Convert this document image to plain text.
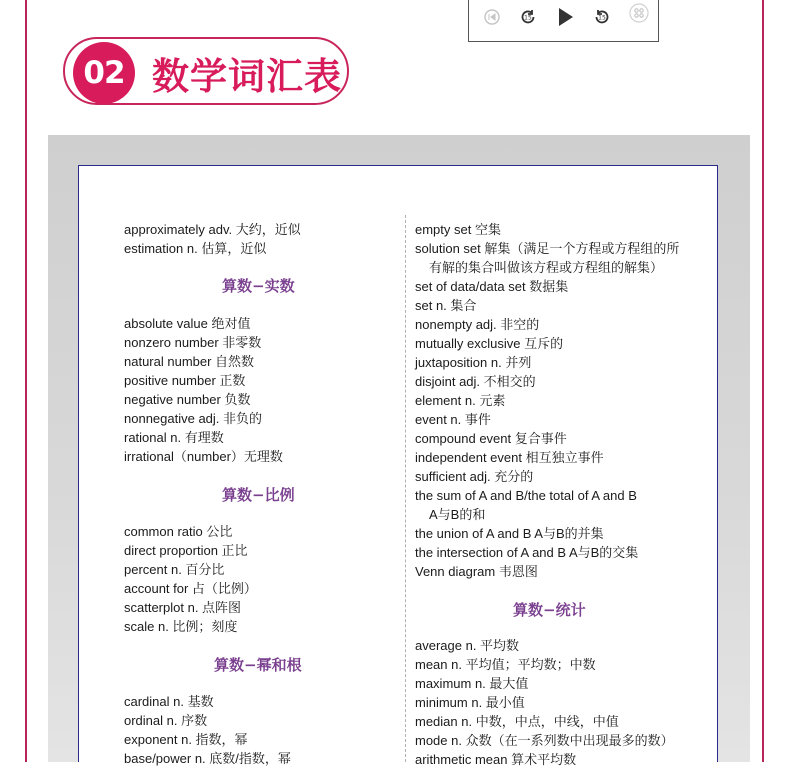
15	15
02 数学词汇表
approximately adv. 大约，近似
estimation n. 估算，近似
算数−实数
absolute value 绝对值
nonzero number 非零数
natural number 自然数
positive number 正数
negative number 负数
nonnegative adj. 非负的
rational n. 有理数
irrational（number）无理数
算数−比例
common ratio 公比
direct proportion 正比
percent n. 百分比
account for 占（比例）
scatterplot n. 点阵图
scale n. 比例；刻度
算数−幂和根
cardinal n. 基数
ordinal n. 序数
exponent n. 指数，幂
base/power n. 底数/指数，幂
empty set 空集
solution set 解集（满足一个方程或方程组的所
有解的集合叫做该方程或方程组的解集）
set of data/data set 数据集
set n. 集合
nonempty adj. 非空的
mutually exclusive 互斥的
juxtaposition n. 并列
disjoint adj. 不相交的
element n. 元素
event n. 事件
compound event 复合事件
independent event 相互独立事件
sufficient adj. 充分的
the sum of A and B/the total of A and B
A与B的和
the union of A and B A与B的并集
the intersection of A and B A与B的交集
Venn diagram 韦恩图
算数−统计
average n. 平均数
mean n. 平均值；平均数；中数
maximum n. 最大值
minimum n. 最小值
median n. 中数，中点，中线，中值
mode n. 众数（在一系列数中出现最多的数）
arithmetic mean 算术平均数
